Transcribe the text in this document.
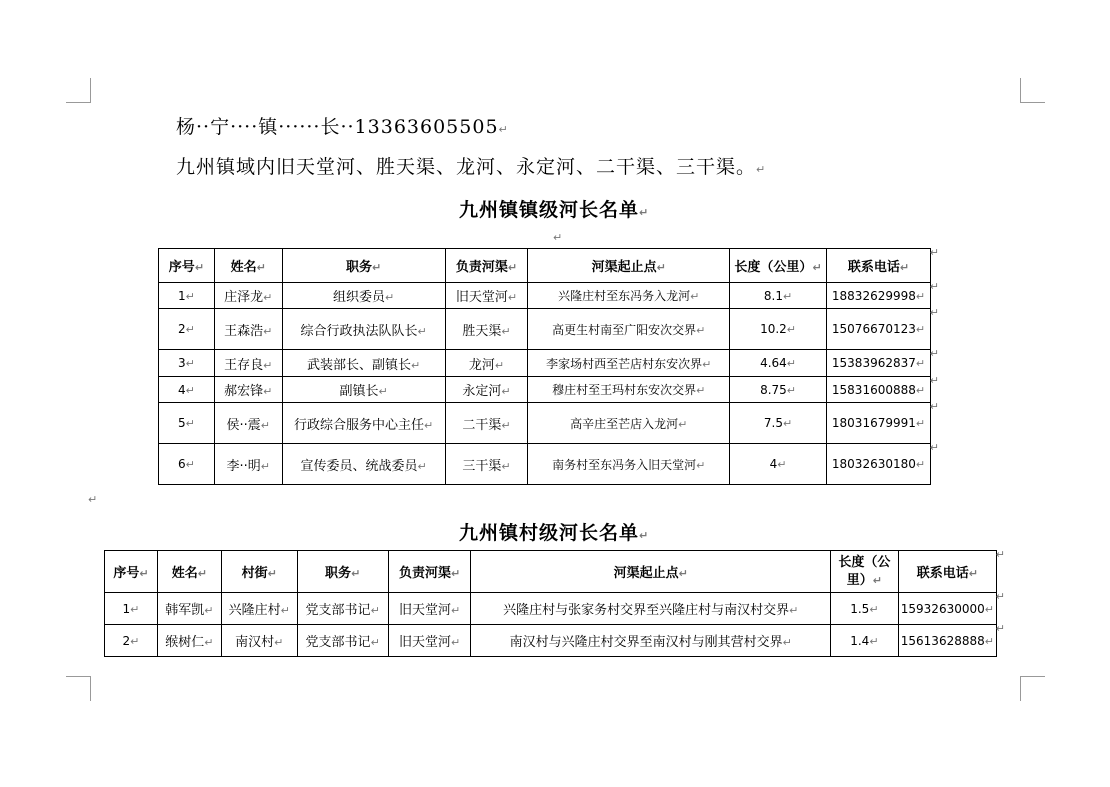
杨··宁····镇······长··13363605505↵
九州镇域内旧天堂河、胜天渠、龙河、永定河、二干渠、三干渠。↵
九州镇镇级河长名单↵
↵
序号↵	姓名↵	职务↵	负责河渠↵	河渠起止点↵	长度（公里）↵	联系电话↵
↵

1↵	庄泽龙↵	组织委员↵	旧天堂河↵	兴隆庄村至东冯务入龙河↵	8.1↵	18832629998↵
↵

2↵	王森浩↵	综合行政执法队队长↵	胜天渠↵	高更生村南至广阳安次交界↵	10.2↵	15076670123↵
↵

3↵	王存良↵	武装部长、副镇长↵	龙河↵	李家场村西至芒店村东安次界↵	4.64↵	15383962837↵
↵

4↵	郝宏锋↵	副镇长↵	永定河↵	穆庄村至王玛村东安次交界↵	8.75↵	15831600888↵
↵

5↵	侯··震↵	行政综合服务中心主任↵	二干渠↵	高辛庄至芒店入龙河↵	7.5↵	18031679991↵
↵

6↵	李··明↵	宣传委员、统战委员↵	三干渠↵	南务村至东冯务入旧天堂河↵	4↵	18032630180↵
↵
↵
九州镇村级河长名单↵
序号↵	姓名↵	村街↵	职务↵	负责河渠↵	河渠起止点↵	长度（公里）↵	联系电话↵
↵

1↵	韩军凯↵	兴隆庄村↵	党支部书记↵	旧天堂河↵	兴隆庄村与张家务村交界至兴隆庄村与南汉村交界↵	1.5↵	15932630000↵
↵

2↵	缑树仁↵	南汉村↵	党支部书记↵	旧天堂河↵	南汉村与兴隆庄村交界至南汉村与刚其营村交界↵	1.4↵	15613628888↵
↵
